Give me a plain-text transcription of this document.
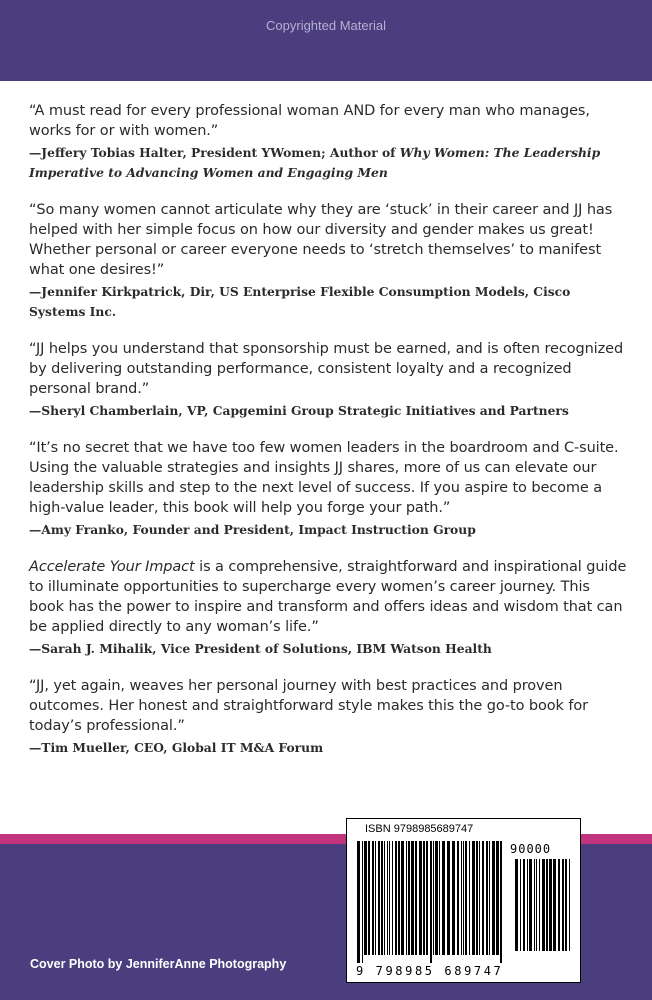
Copyrighted Material

“A must read for every professional woman AND for every man who manages, works for or with women.”

—Jeffery Tobias Halter, President YWomen; Author of Why Women: The Leadership Imperative to Advancing Women and Engaging Men

“So many women cannot articulate why they are ‘stuck’ in their career and JJ has helped with her simple focus on how our diversity and gender makes us great! Whether personal or career everyone needs to ‘stretch themselves’ to manifest what one desires!”

—Jennifer Kirkpatrick, Dir, US Enterprise Flexible Consumption Models, Cisco Systems Inc.

“JJ helps you understand that sponsorship must be earned, and is often recognized by delivering outstanding performance, consistent loyalty and a recognized personal brand.”

—Sheryl Chamberlain, VP, Capgemini Group Strategic Initiatives and Partners

“It’s no secret that we have too few women leaders in the boardroom and C-suite. Using the valuable strategies and insights JJ shares, more of us can elevate our leadership skills and step to the next level of success. If you aspire to become a high-value leader, this book will help you forge your path.”

—Amy Franko, Founder and President, Impact Instruction Group

Accelerate Your Impact is a comprehensive, straightforward and inspirational guide to illuminate opportunities to supercharge every women’s career journey. This book has the power to inspire and transform and offers ideas and wisdom that can be applied directly to any woman’s life.”

—Sarah J. Mihalik, Vice President of Solutions, IBM Watson Health

“JJ, yet again, weaves her personal journey with best practices and proven outcomes. Her honest and straightforward style makes this the go-to book for today’s professional.”

—Tim Mueller, CEO, Global IT M&A Forum

Cover Photo by JenniferAnne Photography
ISBN 9798985689747
90000
9 798985 689747
